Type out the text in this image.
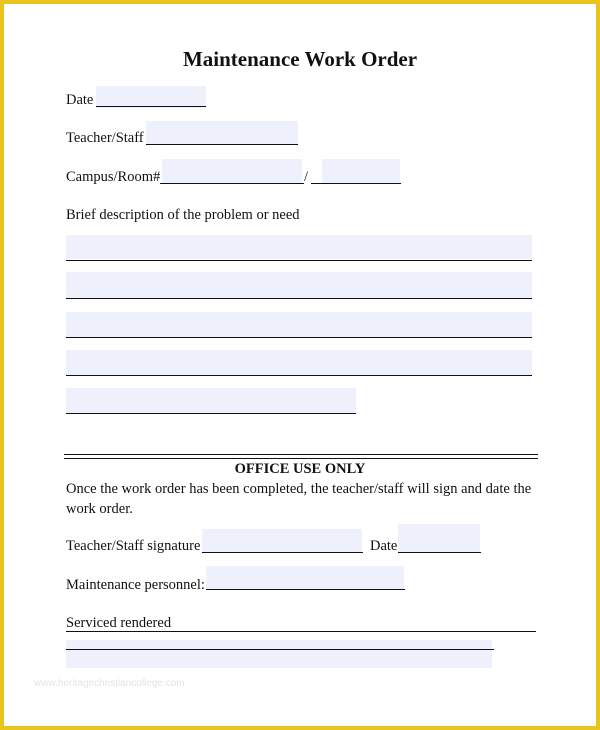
Maintenance Work Order
Date
Teacher/Staff
Campus/Room#	/
Brief description of the problem or need
OFFICE USE ONLY
Once the work order has been completed, the teacher/staff will sign and date the
work order.
Teacher/Staff signature	Date
Maintenance personnel:
Serviced rendered
www.heritagechristiancollege.com
